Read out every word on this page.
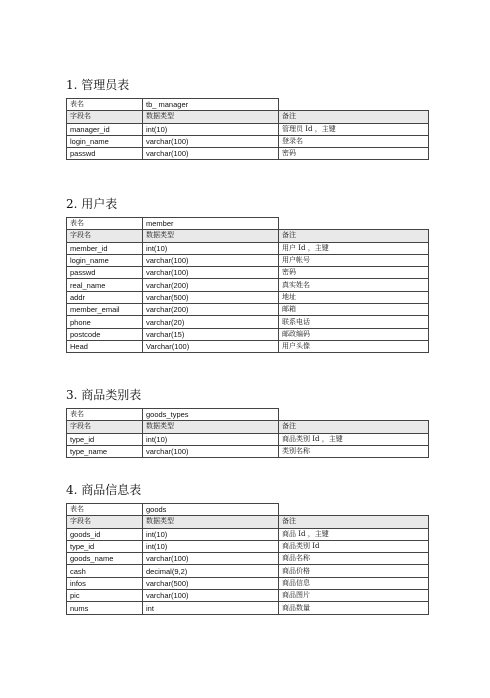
1. 管理员表
表名	tb_ manager	
字段名	数据类型	备注
manager_id	int(10)	管理员 Id ，主键
login_name	varchar(100)	登录名
passwd	varchar(100)	密码
2. 用户表
表名	member	
字段名	数据类型	备注
member_id	int(10)	用户 Id ，主键
login_name	varchar(100)	用户帐号
passwd	varchar(100)	密码
real_name	varchar(200)	真实姓名
addr	varchar(500)	地址
member_email	varchar(200)	邮箱
phone	varchar(20)	联系电话
postcode	varchar(15)	邮政编码
Head	Varchar(100)	用户头像
3. 商品类别表
表名	goods_types	
字段名	数据类型	备注
type_id	int(10)	商品类别 Id ，主键
type_name	varchar(100)	类别名称
4. 商品信息表
表名	goods	
字段名	数据类型	备注
goods_id	int(10)	商品 Id ，主键
type_id	int(10)	商品类别 Id
goods_name	varchar(100)	商品名称
cash	decimal(9,2)	商品价格
infos	varchar(500)	商品信息
pic	varchar(100)	商品图片
nums	int	商品数量
